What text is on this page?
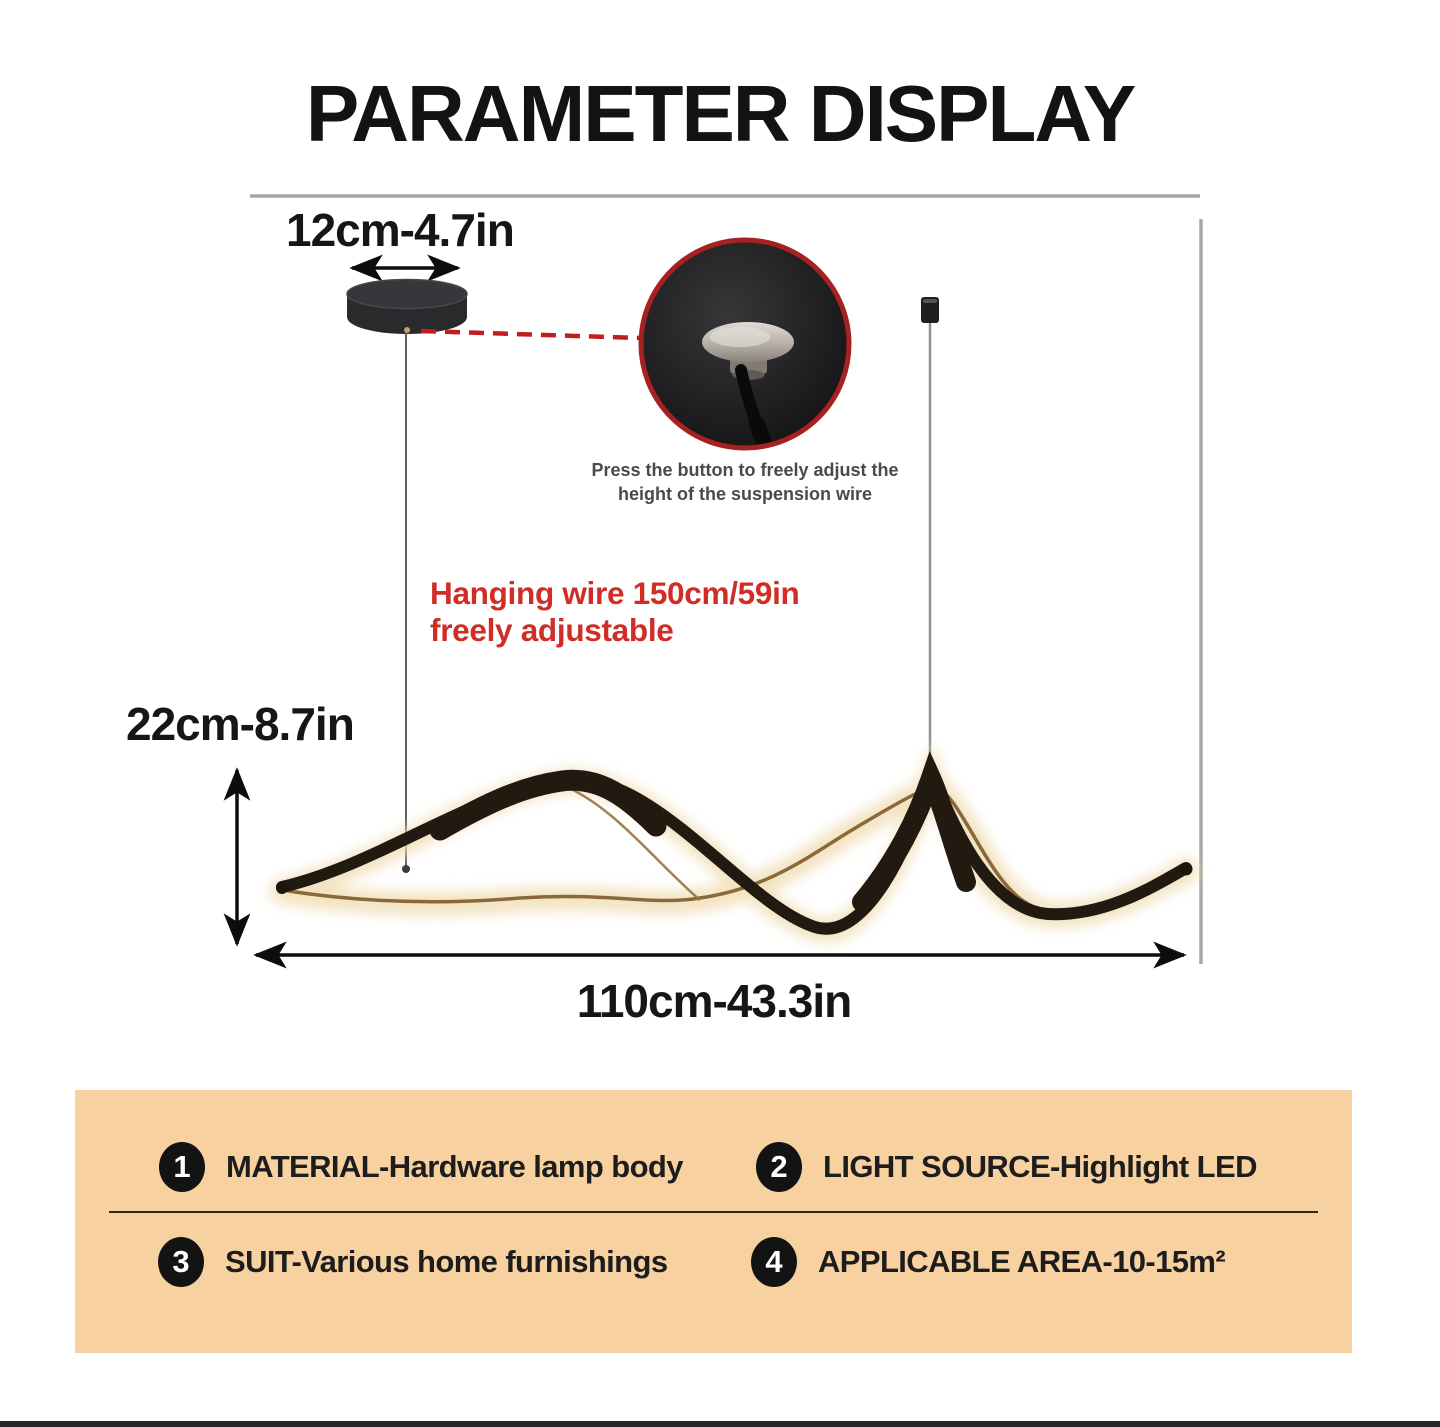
PARAMETER DISPLAY
12cm-4.7in
Press the button to freely adjust the
height of the suspension wire
Hanging wire 150cm/59in
freely adjustable
22cm-8.7in
110cm-43.3in
1	MATERIAL-Hardware lamp body	2	LIGHT SOURCE-Highlight LED
3	SUIT-Various home furnishings	4	APPLICABLE AREA-10-15m²
